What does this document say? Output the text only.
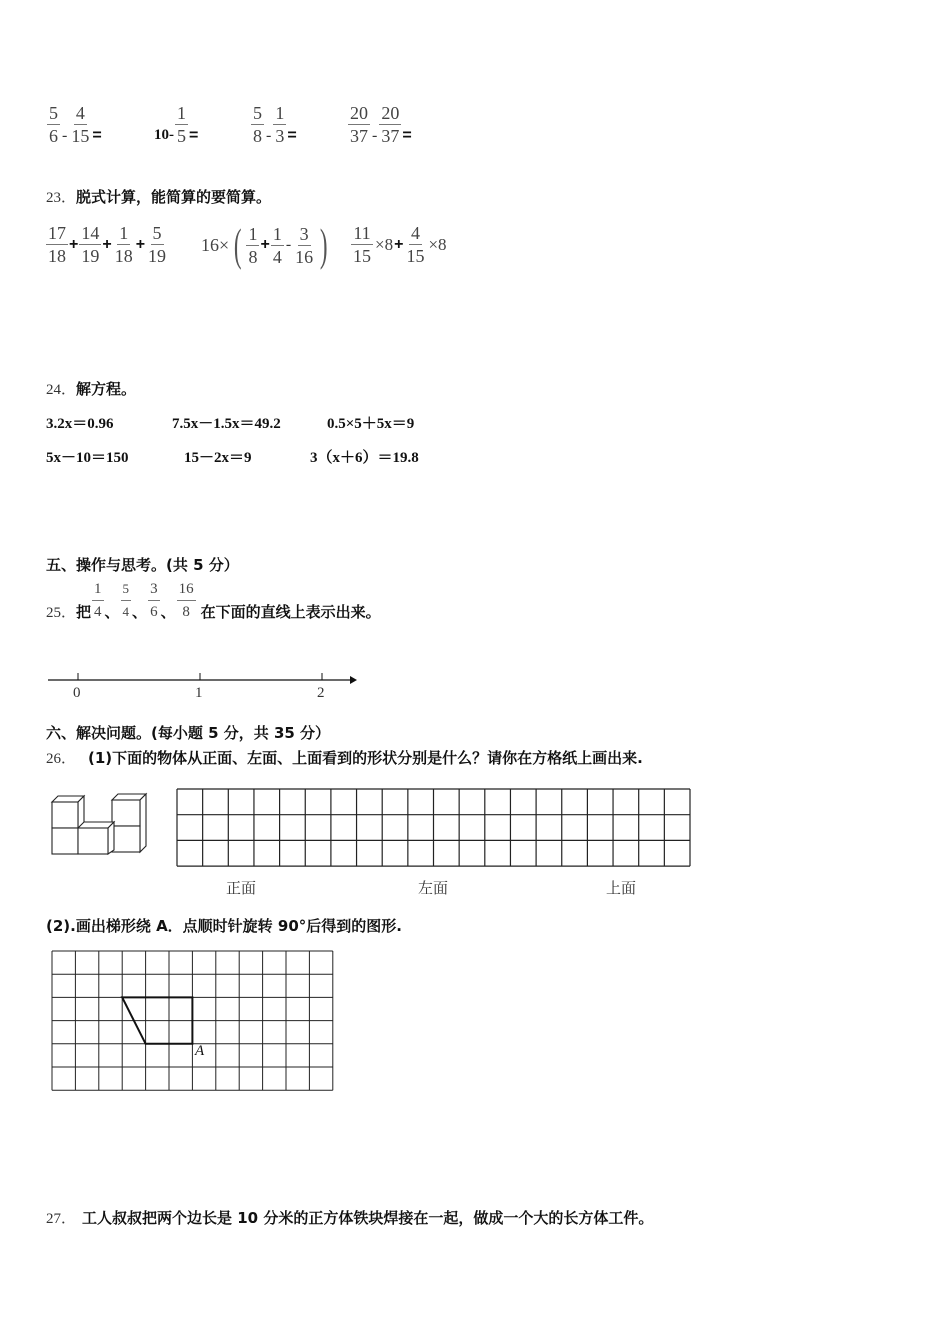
$\frac{5}{6} - \frac{4}{15}$ =	$10- \frac{1}{5}$ =	$\frac{5}{8} - \frac{1}{3}$ =	$\frac{20}{37} - \frac{20}{37}$ =
23．脱式计算，能简算的要简算。
$\frac{17}{18} + \frac{14}{19} + \frac{1}{18} + \frac{5}{19} 16\times$ ( $\frac{1}{8} + \frac{1}{4} - \frac{3}{16}$ ) $\frac{11}{15} \times 8 + \frac{4}{15} \times 8$
24．解方程。
3.2x＝0.96	7.5x－1.5x＝49.2	0.5×5＋5x＝9
5x－10＝150	15－2x＝9	3（x＋6）＝19.8
五、操作与思考。(共 5 分）
25． 把 $\frac{1}{4}$ 、 $\frac{5}{4}$ 、 $\frac{3}{6}$ 、 $\frac{16}{8}$ 在下面的直线上表示出来。
0	1	2
六、解决问题。(每小题 5 分，共 35 分）
26． (1)下面的物体从正面、左面、上面看到的形状分别是什么？请你在方格纸上画出来.
正面	左面	上面
(2).画出梯形绕 A．点顺时针旋转 90°后得到的图形.
A
27． 工人叔叔把两个边长是 10 分米的正方体铁块焊接在一起，做成一个大的长方体工件。
